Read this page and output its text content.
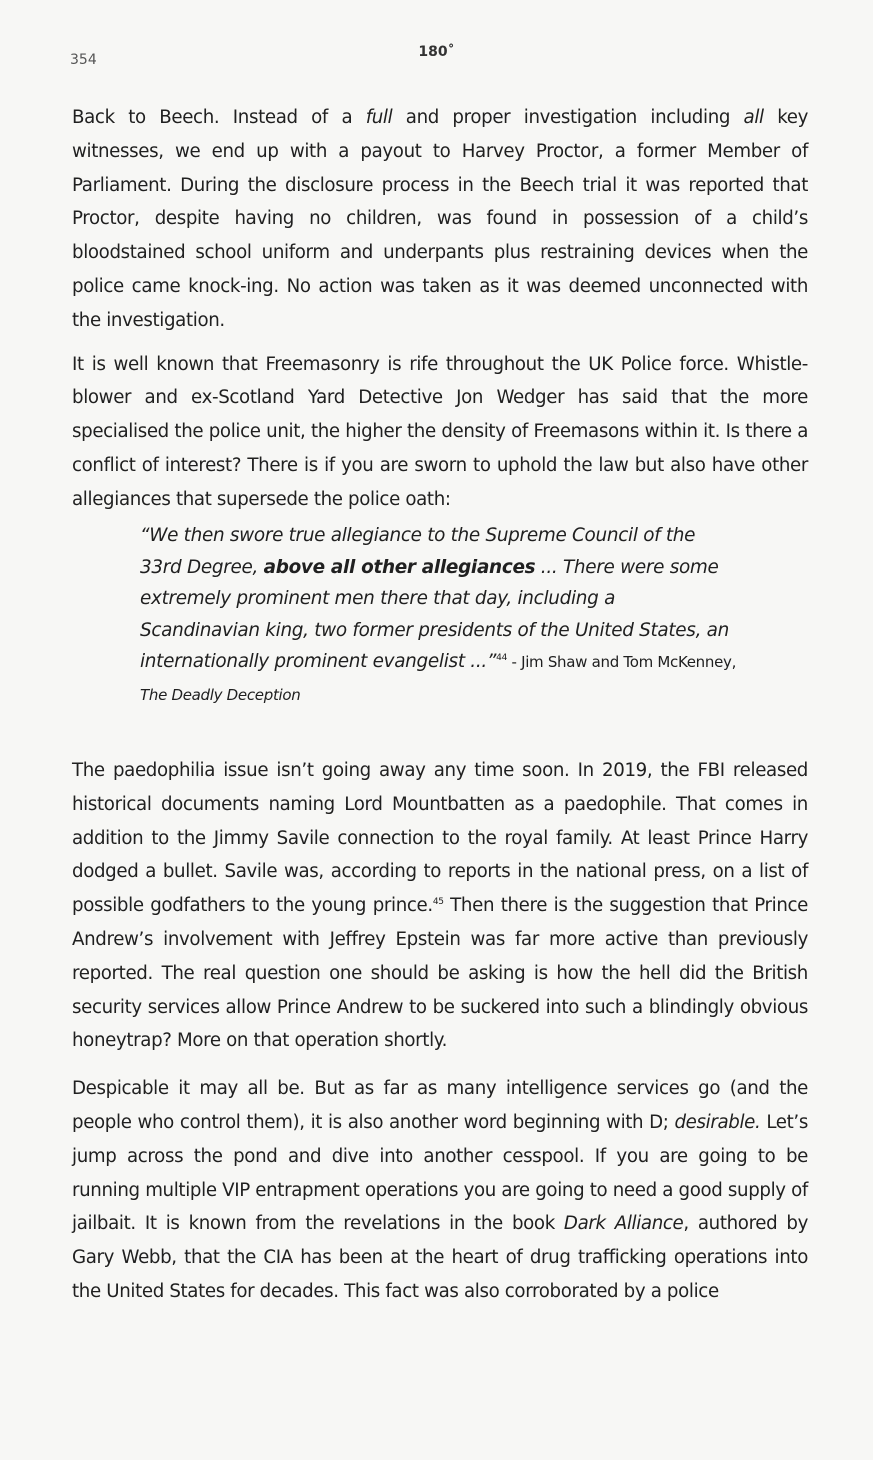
354	180˚

Back to Beech. Instead of a full and proper investigation including all key witnesses, we end up with a payout to Harvey Proctor, a former Member of Parliament. During the disclosure process in the Beech trial it was reported that Proctor, despite having no children, was found in possession of a child’s bloodstained school uniform and underpants plus restraining devices when the police came knock-ing. No action was taken as it was deemed unconnected with the investigation.

It is well known that Freemasonry is rife throughout the UK Police force. Whistle-blower and ex-Scotland Yard Detective Jon Wedger has said that the more specialised the police unit, the higher the density of Freemasons within it. Is there a conflict of interest? There is if you are sworn to uphold the law but also have other allegiances that supersede the police oath:

“We then swore true allegiance to the Supreme Council of the 33rd Degree, above all other allegiances ... There were some extremely prominent men there that day, including a Scandinavian king, two former presidents of the United States, an internationally prominent evangelist ...”$^{44}$ - Jim Shaw and Tom McKenney, The Deadly Deception

The paedophilia issue isn’t going away any time soon. In 2019, the FBI released historical documents naming Lord Mountbatten as a paedophile. That comes in addition to the Jimmy Savile connection to the royal family. At least Prince Harry dodged a bullet. Savile was, according to reports in the national press, on a list of possible godfathers to the young prince.$^{45}$ Then there is the suggestion that Prince Andrew’s involvement with Jeffrey Epstein was far more active than previously reported. The real question one should be asking is how the hell did the British security services allow Prince Andrew to be suckered into such a blindingly obvious honeytrap? More on that operation shortly.

Despicable it may all be. But as far as many intelligence services go (and the people who control them), it is also another word beginning with D; desirable. Let’s jump across the pond and dive into another cesspool. If you are going to be running multiple VIP entrapment operations you are going to need a good supply of jailbait. It is known from the revelations in the book Dark Alliance, authored by Gary Webb, that the CIA has been at the heart of drug trafficking operations into the United States for decades. This fact was also corroborated by a police
